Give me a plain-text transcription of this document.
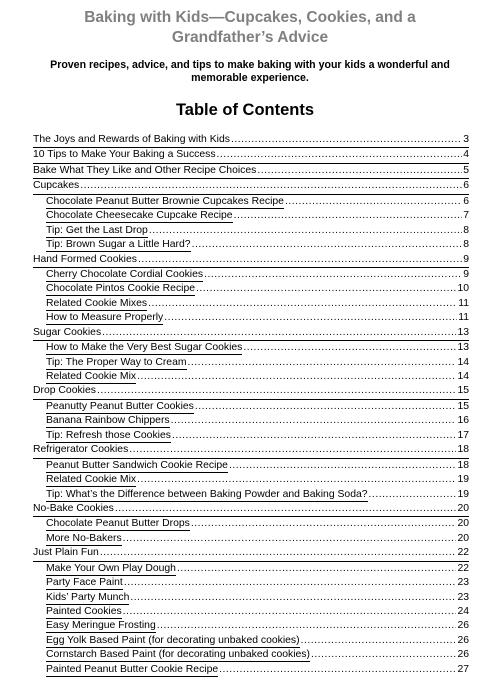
Baking with Kids—Cupcakes, Cookies, and a Grandfather’s Advice
Proven recipes, advice, and tips to make baking with your kids a wonderful and memorable experience.
Table of Contents
The Joys and Rewards of Baking with Kids .....	3
10 Tips to Make Your Baking a Success .....	4
Bake What They Like and Other Recipe Choices .....	5
Cupcakes .....	6
Chocolate Peanut Butter Brownie Cupcakes Recipe .....	6
Chocolate Cheesecake Cupcake Recipe .....	7
Tip: Get the Last Drop .....	8
Tip: Brown Sugar a Little Hard? .....	8
Hand Formed Cookies .....	9
Cherry Chocolate Cordial Cookies .....	9
Chocolate Pintos Cookie Recipe .....	10
Related Cookie Mixes .....	11
How to Measure Properly .....	11
Sugar Cookies .....	13
How to Make the Very Best Sugar Cookies .....	13
Tip: The Proper Way to Cream .....	14
Related Cookie Mix .....	14
Drop Cookies .....	15
Peanutty Peanut Butter Cookies .....	15
Banana Rainbow Chippers .....	16
Tip: Refresh those Cookies .....	17
Refrigerator Cookies .....	18
Peanut Butter Sandwich Cookie Recipe .....	18
Related Cookie Mix .....	19
Tip: What’s the Difference between Baking Powder and Baking Soda? .....	19
No-Bake Cookies .....	20
Chocolate Peanut Butter Drops .....	20
More No-Bakers .....	20
Just Plain Fun .....	22
Make Your Own Play Dough .....	22
Party Face Paint .....	23
Kids’ Party Munch .....	23
Painted Cookies .....	24
Easy Meringue Frosting .....	26
Egg Yolk Based Paint (for decorating unbaked cookies) .....	26
Cornstarch Based Paint (for decorating unbaked cookies) .....	26
Painted Peanut Butter Cookie Recipe .....	27
